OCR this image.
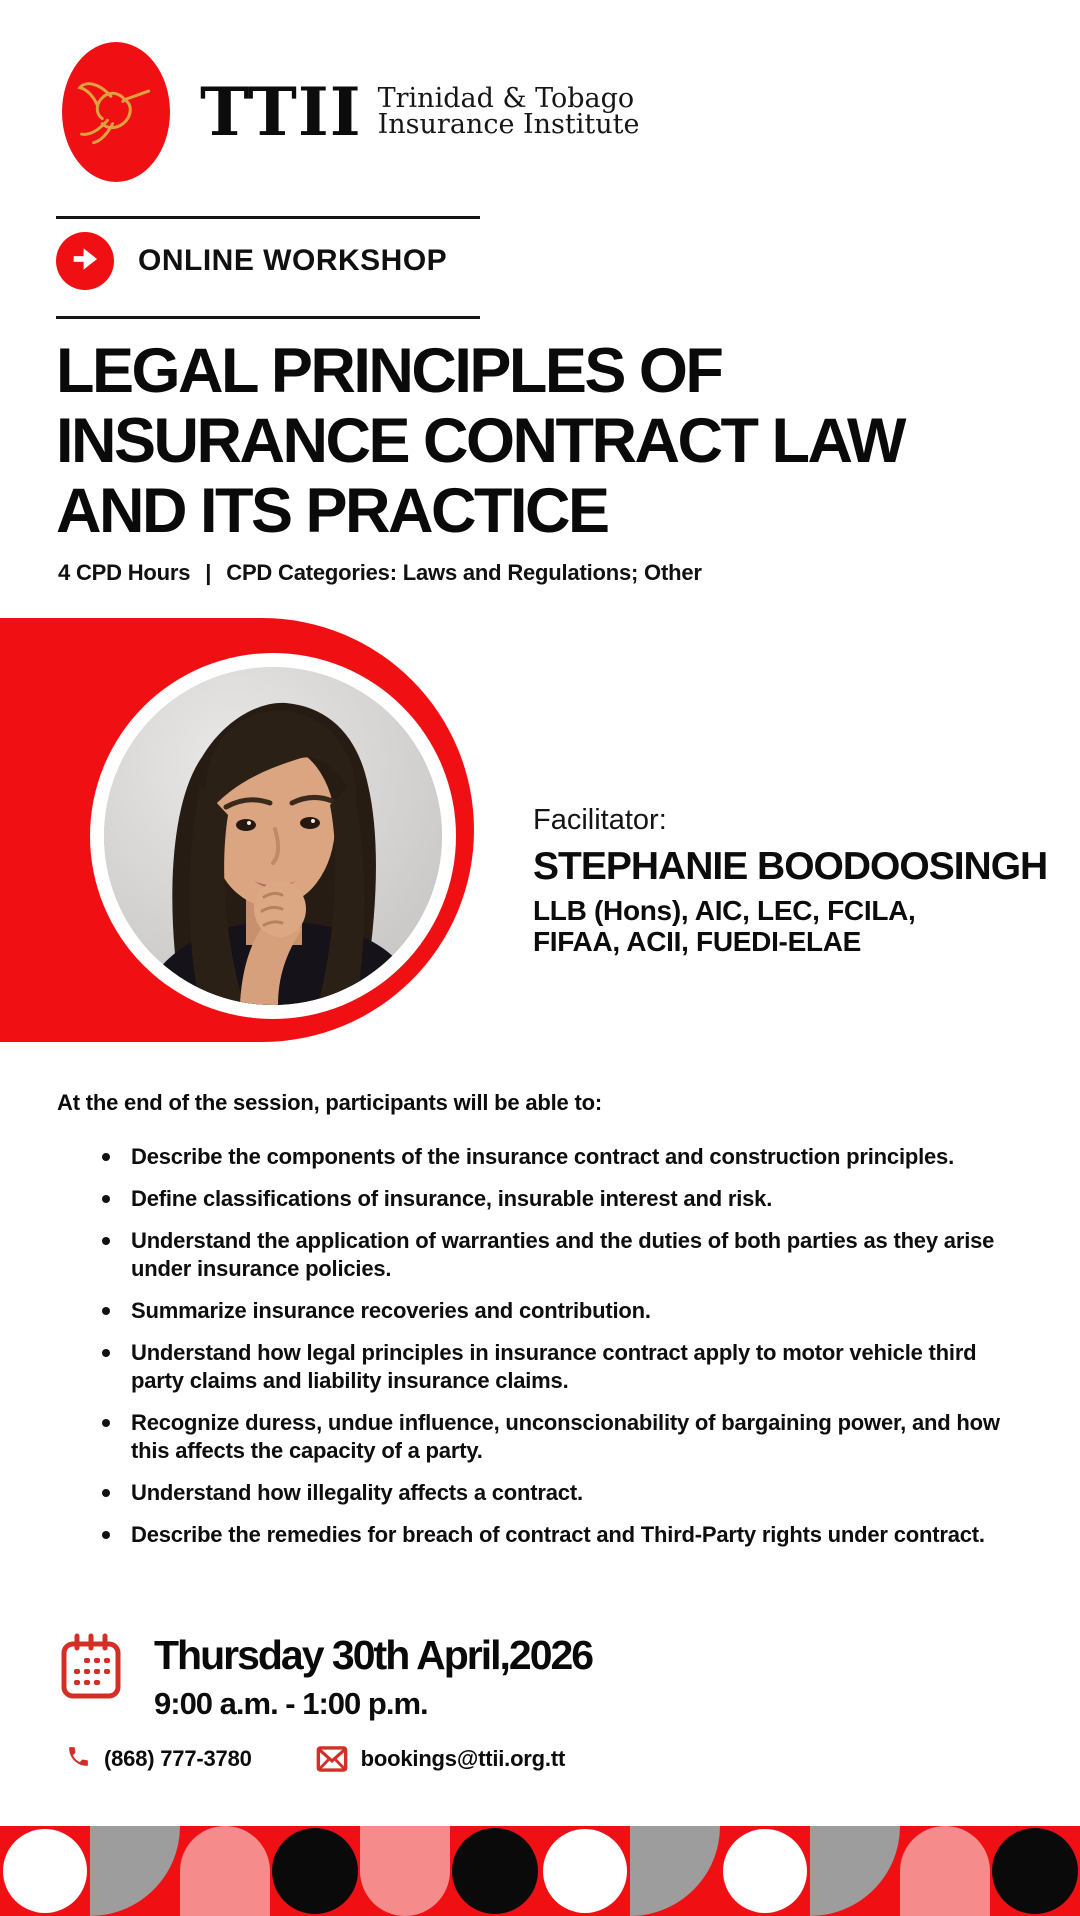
TTII Trinidad & Tobago
Insurance Institute
ONLINE WORKSHOP
LEGAL PRINCIPLES OF
INSURANCE CONTRACT LAW
AND ITS PRACTICE
4 CPD Hours | CPD Categories: Laws and Regulations; Other
Facilitator:
STEPHANIE BOODOOSINGH
LLB (Hons), AIC, LEC, FCILA,
FIFAA, ACII, FUEDI-ELAE
At the end of the session, participants will be able to:
Describe the components of the insurance contract and construction principles.
Define classifications of insurance, insurable interest and risk.
Understand the application of warranties and the duties of both parties as they arise under insurance policies.
Summarize insurance recoveries and contribution.
Understand how legal principles in insurance contract apply to motor vehicle third party claims and liability insurance claims.
Recognize duress, undue influence, unconscionability of bargaining power, and how this affects the capacity of a party.
Understand how illegality affects a contract.
Describe the remedies for breach of contract and Third-Party rights under contract.
Thursday 30th April,2026
9:00 a.m. - 1:00 p.m.
(868) 777-3780	bookings@ttii.org.tt
